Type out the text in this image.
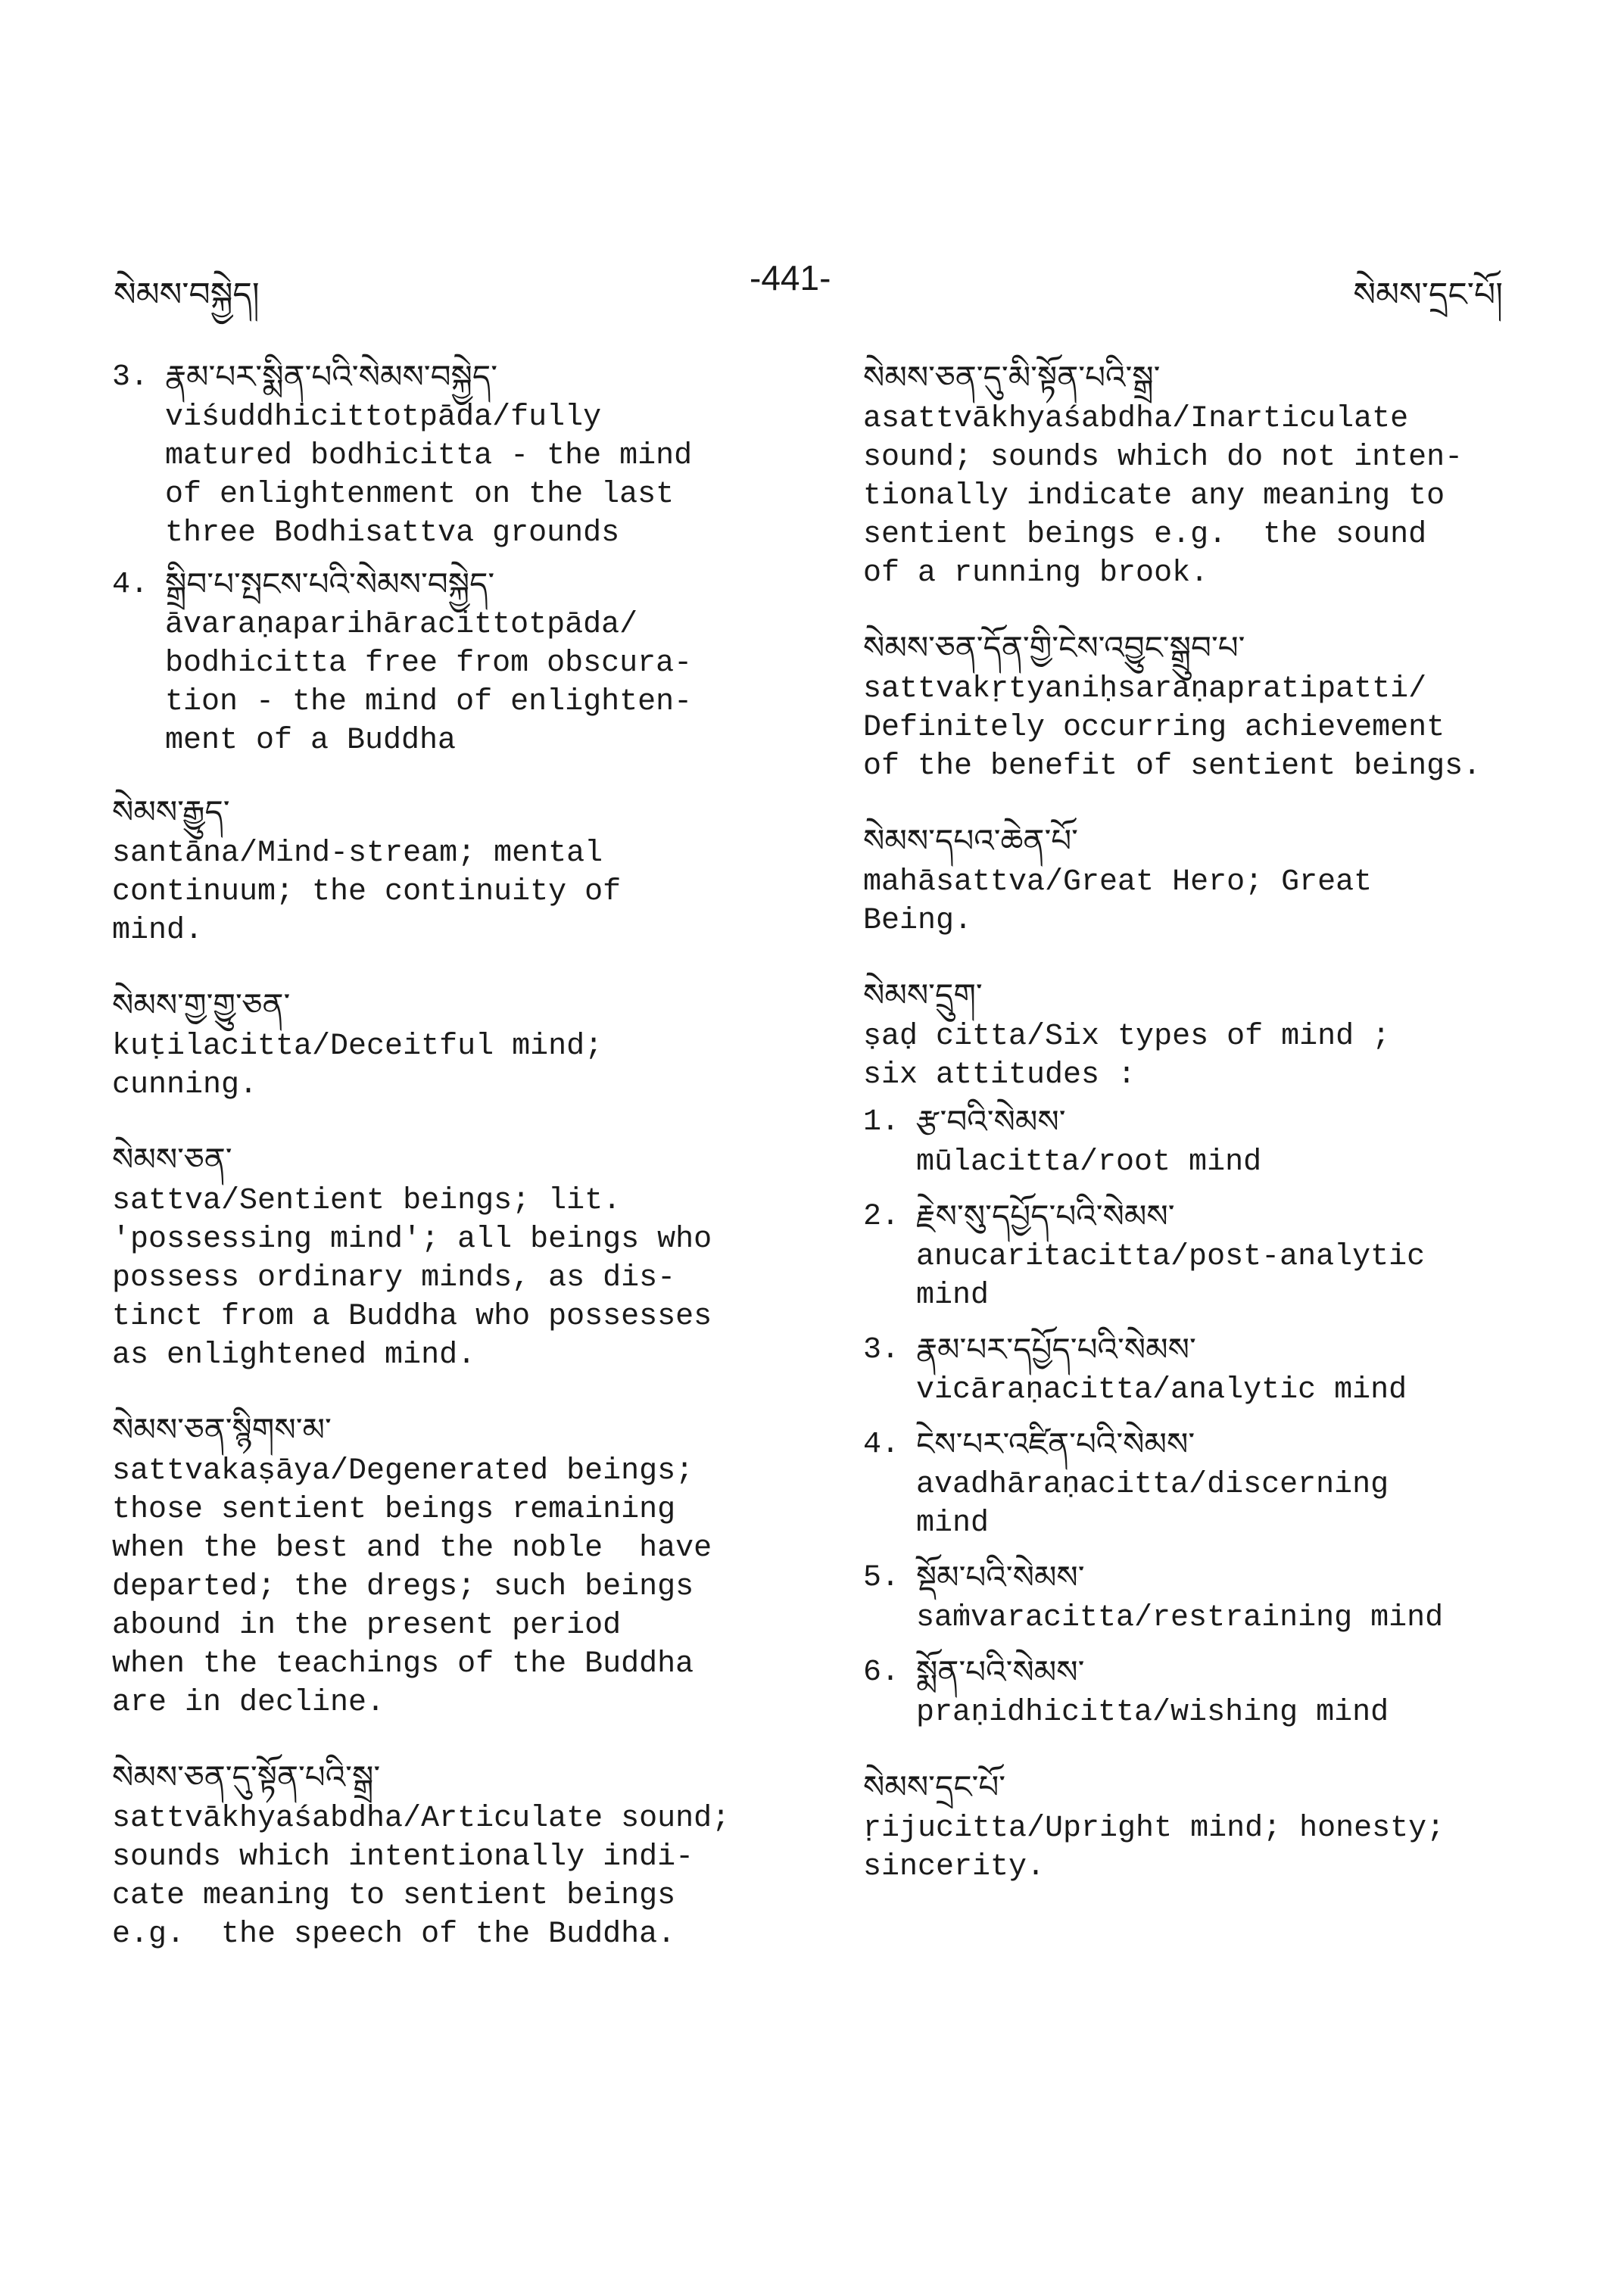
སེམས་བསྐྱེད།	-441-	སེམས་དྲང་པོ།
3. རྣམ་པར་སྨིན་པའི་སེམས་བསྐྱེད་
viśuddhicittotpāda/fully
matured bodhicitta - the mind
of enlightenment on the last
three Bodhisattva grounds
4. སྒྲིབ་པ་སྤངས་པའི་སེམས་བསྐྱེད་
āvaraṇaparihāracittotpāda/
bodhicitta free from obscura-
tion - the mind of enlighten-
ment of a Buddha
སེམས་རྒྱུད་
santāna/Mind-stream; mental
continuum; the continuity of
mind.
སེམས་གྱ་གྱུ་ཅན་
kuṭilacitta/Deceitful mind;
cunning.
སེམས་ཅན་
sattva/Sentient beings; lit.
'possessing mind'; all beings who
possess ordinary minds, as dis-
tinct from a Buddha who possesses
as enlightened mind.
སེམས་ཅན་སྙིགས་མ་
sattvakaṣāya/Degenerated beings;
those sentient beings remaining
when the best and the noble  have
departed; the dregs; such beings
abound in the present period
when the teachings of the Buddha
are in decline.
སེམས་ཅན་དུ་སྟོན་པའི་སྒྲ་
sattvākhyaśabdha/Articulate sound;
sounds which intentionally indi-
cate meaning to sentient beings
e.g.  the speech of the Buddha.
སེམས་ཅན་དུ་མི་སྟོན་པའི་སྒྲ་
asattvākhyaśabdha/Inarticulate
sound; sounds which do not inten-
tionally indicate any meaning to
sentient beings e.g.  the sound
of a running brook.
སེམས་ཅན་དོན་གྱི་ངེས་འབྱུང་སྒྲུབ་པ་
sattvakṛtyaniḥsaraṇapratipatti/
Definitely occurring achievement
of the benefit of sentient beings.
སེམས་དཔའ་ཆེན་པོ་
mahāsattva/Great Hero; Great
Being.
སེམས་དྲུག་
ṣaḍ citta/Six types of mind ;
six attitudes :
1. རྩ་བའི་སེམས་
mūlacitta/root mind
2. རྗེས་སུ་དཔྱོད་པའི་སེམས་
anucaritacitta/post-analytic
mind
3. རྣམ་པར་དཔྱོད་པའི་སེམས་
vicāraṇacitta/analytic mind
4. ངེས་པར་འཛིན་པའི་སེམས་
avadhāraṇacitta/discerning
mind
5. སྡོམ་པའི་སེམས་
saṁvaracitta/restraining mind
6. སྨོན་པའི་སེམས་
praṇidhicitta/wishing mind
སེམས་དྲང་པོ་
ṛijucitta/Upright mind; honesty;
sincerity.
